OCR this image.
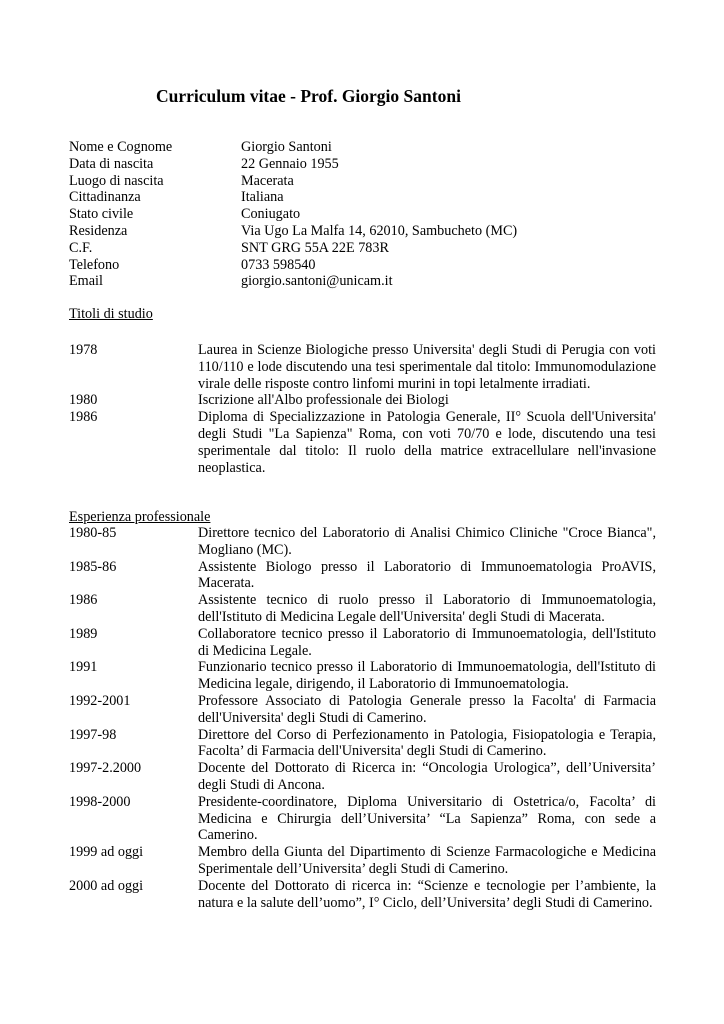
Curriculum vitae - Prof. Giorgio Santoni
Nome e Cognome	Giorgio Santoni
Data di nascita	22 Gennaio 1955
Luogo di nascita	Macerata
Cittadinanza	Italiana
Stato civile	Coniugato
Residenza	Via Ugo La Malfa 14, 62010, Sambucheto (MC)
C.F.	SNT GRG 55A 22E 783R
Telefono	0733 598540
Email	giorgio.santoni@unicam.it
Titoli di studio
1978	Laurea in Scienze Biologiche presso Universita' degli Studi di Perugia con voti 110/110 e lode discutendo una tesi sperimentale dal titolo: Immunomodulazione virale delle risposte contro linfomi murini in topi letalmente irradiati.
1980	Iscrizione all'Albo professionale dei Biologi
1986	Diploma di Specializzazione in Patologia Generale, II° Scuola dell'Universita' degli Studi "La Sapienza" Roma, con voti 70/70 e lode, discutendo una tesi sperimentale dal titolo: Il ruolo della matrice extracellulare nell'invasione neoplastica.
Esperienza professionale
1980-85	Direttore tecnico del Laboratorio di Analisi Chimico Cliniche "Croce Bianca", Mogliano (MC).
1985-86	Assistente Biologo presso il Laboratorio di Immunoematologia ProAVIS, Macerata.
1986	Assistente tecnico di ruolo presso il Laboratorio di Immunoematologia, dell'Istituto di Medicina Legale dell'Universita' degli Studi di Macerata.
1989	Collaboratore tecnico presso il Laboratorio di Immunoematologia, dell'Istituto di Medicina Legale.
1991	Funzionario tecnico presso il Laboratorio di Immunoematologia, dell'Istituto di Medicina legale, dirigendo, il Laboratorio di Immunoematologia.
1992-2001	Professore Associato di Patologia Generale presso la Facolta' di Farmacia dell'Universita' degli Studi di Camerino.
1997-98	Direttore del Corso di Perfezionamento in Patologia, Fisiopatologia e Terapia, Facolta’ di Farmacia dell'Universita' degli Studi di Camerino.
1997-2.2000	Docente del Dottorato di Ricerca in: “Oncologia Urologica”, dell’Universita’ degli Studi di Ancona.
1998-2000	Presidente-coordinatore, Diploma Universitario di Ostetrica/o, Facolta’ di Medicina e Chirurgia dell’Universita’ “La Sapienza” Roma, con sede a Camerino.
1999 ad oggi	Membro della Giunta del Dipartimento di Scienze Farmacologiche e Medicina Sperimentale dell’Universita’ degli Studi di Camerino.
2000 ad oggi	Docente del Dottorato di ricerca in: “Scienze e tecnologie per l’ambiente, la natura e la salute dell’uomo”, I° Ciclo, dell’Universita’ degli Studi di Camerino.
